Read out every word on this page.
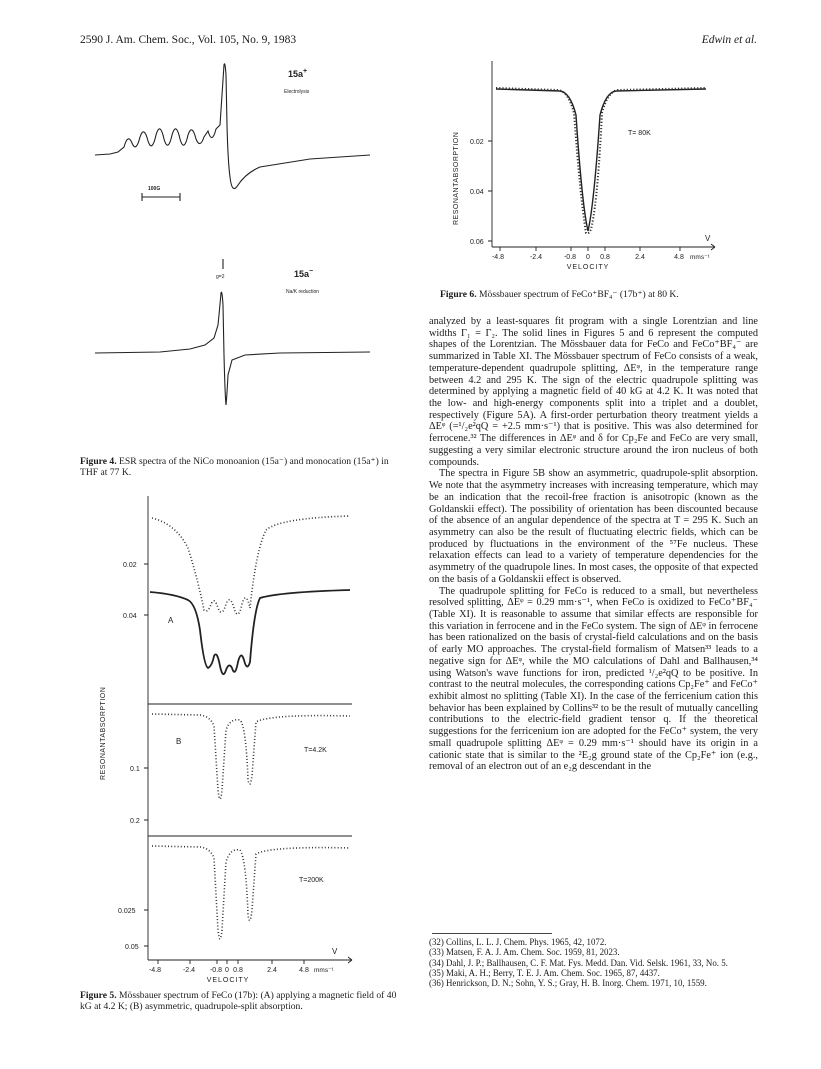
2590 J. Am. Chem. Soc., Vol. 105, No. 9, 1983	Edwin et al.
15a+
Electrolysis
100G
g=2	15a−
Na/K reduction
Figure 4. ESR spectra of the NiCo monoanion (15a⁻) and monocation (15a⁺) in THF at 77 K.
RESONANTABSORPTION
0.02
0.04
0.1
0.2
0.025
0.05
A
B
T=4.2K
T=200K
-4.8	-2.4 -0.8 0 0.8	2.4	4.8
V
mms⁻¹
VELOCITY
Figure 5. Mössbauer spectrum of FeCo (17b): (A) applying a magnetic field of 40 kG at 4.2 K; (B) asymmetric, quadrupole-split absorption.
RESONANTABSORPTION 0.02
0.04
0.06
T= 80K
-4.8	-2.4	-0.8 0 0.8	2.4	4.8
V
mms⁻¹
VELOCITY
Figure 6. Mössbauer spectrum of FeCo⁺BF₄⁻ (17b⁺) at 80 K.

analyzed by a least-squares fit program with a single Lorentzian and line widths Γ₁ = Γ₂. The solid lines in Figures 5 and 6 represent the computed shapes of the Lorentzian. The Mössbauer data for FeCo and FeCo⁺BF₄⁻ are summarized in Table XI. The Mössbauer spectrum of FeCo consists of a weak, temperature-dependent quadrupole splitting, ΔEᵠ, in the temperature range between 4.2 and 295 K. The sign of the electric quadrupole splitting was determined by applying a magnetic field of 40 kG at 4.2 K. It was noted that the low- and high-energy components split into a triplet and a doublet, respectively (Figure 5A). A first-order perturbation theory treatment yields a ΔEᵠ (=¹/₂e²qQ = +2.5 mm·s⁻¹) that is positive. This was also determined for ferrocene.³² The differences in ΔEᵠ and δ for Cp₂Fe and FeCo are very small, suggesting a very similar electronic structure around the iron nucleus of both compounds.

The spectra in Figure 5B show an asymmetric, quadrupole-split absorption. We note that the asymmetry increases with increasing temperature, which may be an indication that the recoil-free fraction is anisotropic (known as the Goldanskii effect). The possibility of orientation has been discounted because of the absence of an angular dependence of the spectra at T = 295 K. Such an asymmetry can also be the result of fluctuating electric fields, which can be produced by fluctuations in the environment of the ⁵⁷Fe nucleus. These relaxation effects can lead to a variety of temperature dependencies for the asymmetry of the quadrupole lines. In most cases, the opposite of that expected on the basis of a Goldanskii effect is observed.

The quadrupole splitting for FeCo is reduced to a small, but nevertheless resolved splitting, ΔEᵠ = 0.29 mm·s⁻¹, when FeCo is oxidized to FeCo⁺BF₄⁻ (Table XI). It is reasonable to assume that similar effects are responsible for this variation in ferrocene and in the FeCo system. The sign of ΔEᵠ in ferrocene has been rationalized on the basis of crystal-field calculations and on the basis of early MO approaches. The crystal-field formalism of Matsen³³ leads to a negative sign for ΔEᵠ, while the MO calculations of Dahl and Ballhausen,³⁴ using Watson's wave functions for iron, predicted ¹/₂e²qQ to be positive. In contrast to the neutral molecules, the corresponding cations Cp₂Fe⁺ and FeCo⁺ exhibit almost no splitting (Table XI). In the case of the ferricenium cation this behavior has been explained by Collins³² to be the result of mutually cancelling contributions to the electric-field gradient tensor q. If the theoretical suggestions for the ferricenium ion are adopted for the FeCo⁺ system, the very small quadrupole splitting ΔEᵠ = 0.29 mm·s⁻¹ should have its origin in a cationic state that is similar to the ²E₂g ground state of the Cp₂Fe⁺ ion (e.g., removal of an electron out of an e₂g descendant in the

(32) Collins, L. L. J. Chem. Phys. 1965, 42, 1072.
(33) Matsen, F. A. J. Am. Chem. Soc. 1959, 81, 2023.
(34) Dahl, J. P.; Ballhausen, C. F. Mat. Fys. Medd. Dan. Vid. Selsk. 1961, 33, No. 5.
(35) Maki, A. H.; Berry, T. E. J. Am. Chem. Soc. 1965, 87, 4437.
(36) Henrickson, D. N.; Sohn, Y. S.; Gray, H. B. Inorg. Chem. 1971, 10, 1559.
